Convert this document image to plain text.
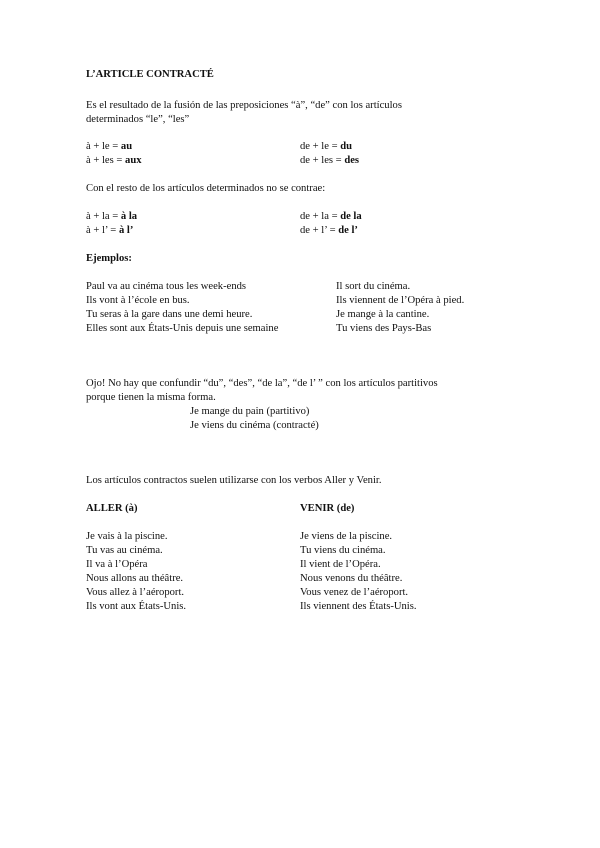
L’ARTICLE CONTRACTÉ
Es el resultado de la fusión de las preposiciones “à”, “de” con los artículos
determinados “le”, “les”
à + le = au
à + les = aux
de + le = du
de + les = des
Con el resto de los artículos determinados no se contrae:
à + la = à la
à + l’ = à l’
de + la = de la
de + l’ = de l’
Ejemplos:
Paul va au cinéma tous les week-ends
Ils vont à l’école en bus.
Tu seras à la gare dans une demi heure.
Elles sont aux États-Unis depuis une semaine
Il sort du cinéma.
Ils viennent de l’Opéra à pied.
Je mange à la cantine.
Tu viens des Pays-Bas
Ojo! No hay que confundir “du”, “des”, “de la”, “de l’ ” con los artículos partitivos
porque tienen la misma forma.
Je mange du pain (partitivo)
Je viens du cinéma (contracté)
Los artículos contractos suelen utilizarse con los verbos Aller y Venir.
ALLER (à)	VENIR (de)
Je vais à la piscine.
Tu vas au cinéma.
Il va à l’Opéra
Nous allons au théâtre.
Vous allez à l’aéroport.
Ils vont aux États-Unis.
Je viens de la piscine.
Tu viens du cinéma.
Il vient de l’Opéra.
Nous venons du théâtre.
Vous venez de l’aéroport.
Ils viennent des États-Unis.
